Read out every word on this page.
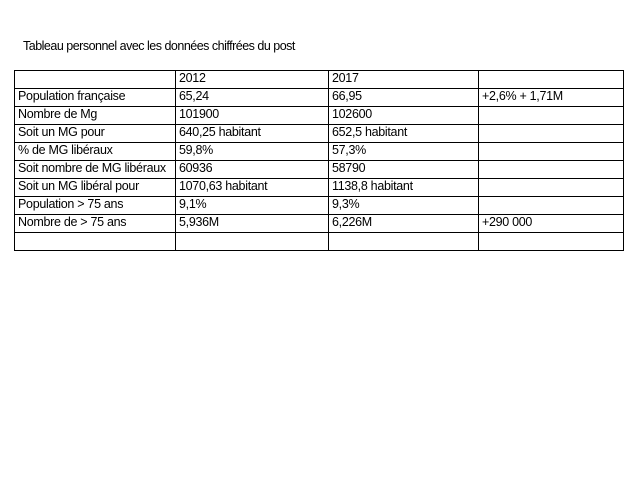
Tableau personnel avec les données chiffrées du post
	2012	2017	
Population française	65,24	66,95	+2,6% + 1,71M
Nombre de Mg	101900	102600	
Soit un MG pour	640,25 habitant	652,5 habitant	
% de MG libéraux	59,8%	57,3%	
Soit nombre de MG libéraux	60936	58790	
Soit un MG libéral pour	1070,63 habitant	1138,8 habitant	
Population > 75 ans	9,1%	9,3%	
Nombre de > 75 ans	5,936M	6,226M	+290 000
